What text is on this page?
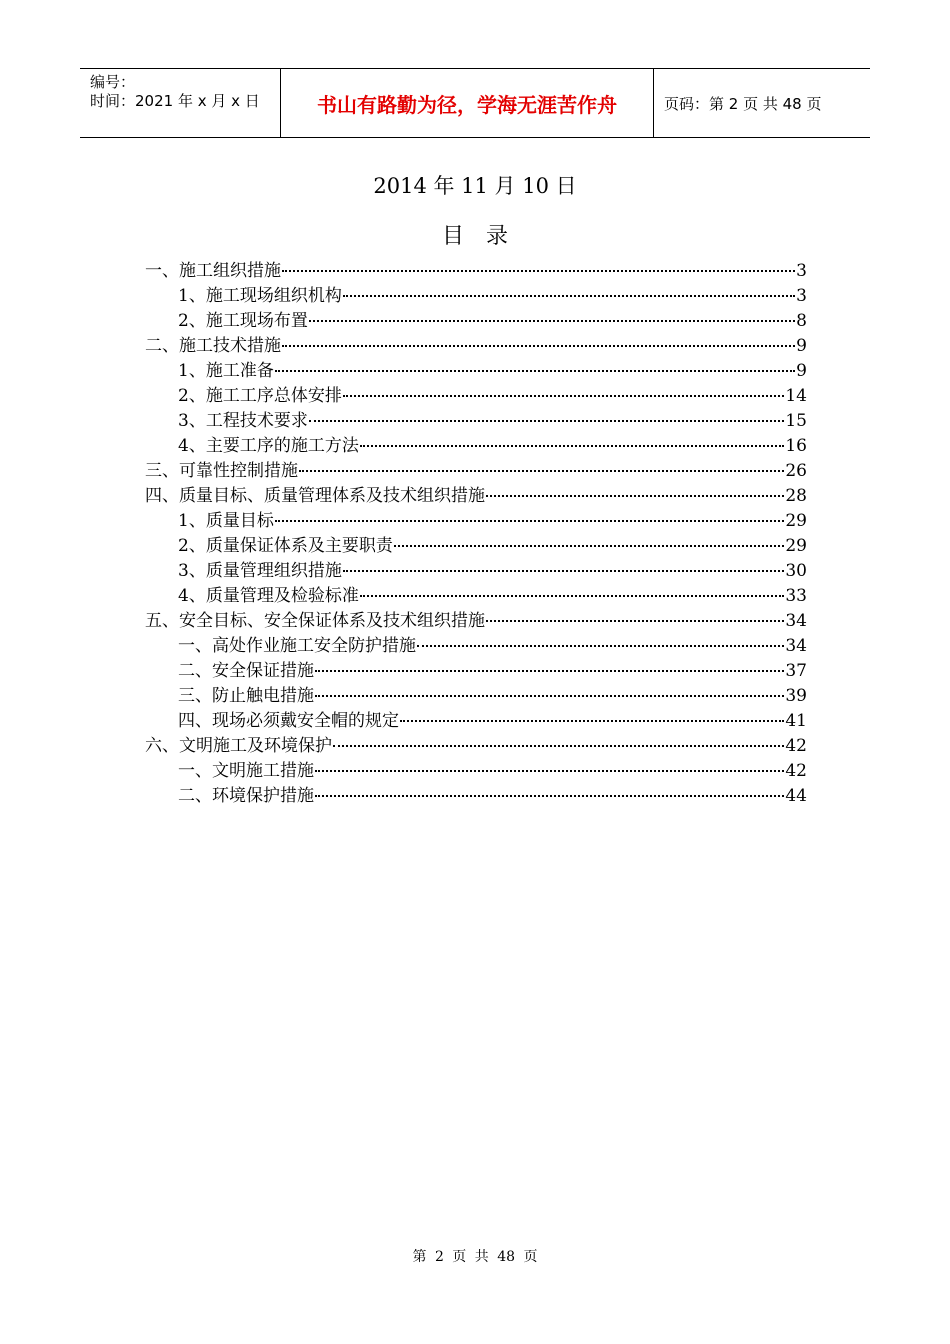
编号：
时间：2021 年 x 月 x 日	书山有路勤为径，学海无涯苦作舟	页码：第 2 页 共 48 页
2014 年 11 月 10 日
目录
一、施工组织措施	3
1、施工现场组织机构	3
2、施工现场布置	8
二、施工技术措施	9
1、施工准备	9
2、施工工序总体安排	14
3、工程技术要求	15
4、主要工序的施工方法	16
三、可靠性控制措施	26
四、质量目标、质量管理体系及技术组织措施	28
1、质量目标	29
2、质量保证体系及主要职责	29
3、质量管理组织措施	30
4、质量管理及检验标准	33
五、安全目标、安全保证体系及技术组织措施	34
一、高处作业施工安全防护措施	34
二、安全保证措施	37
三、防止触电措施	39
四、现场必须戴安全帽的规定	41
六、文明施工及环境保护	42
一、文明施工措施	42
二、环境保护措施	44
第 2 页 共 48 页
